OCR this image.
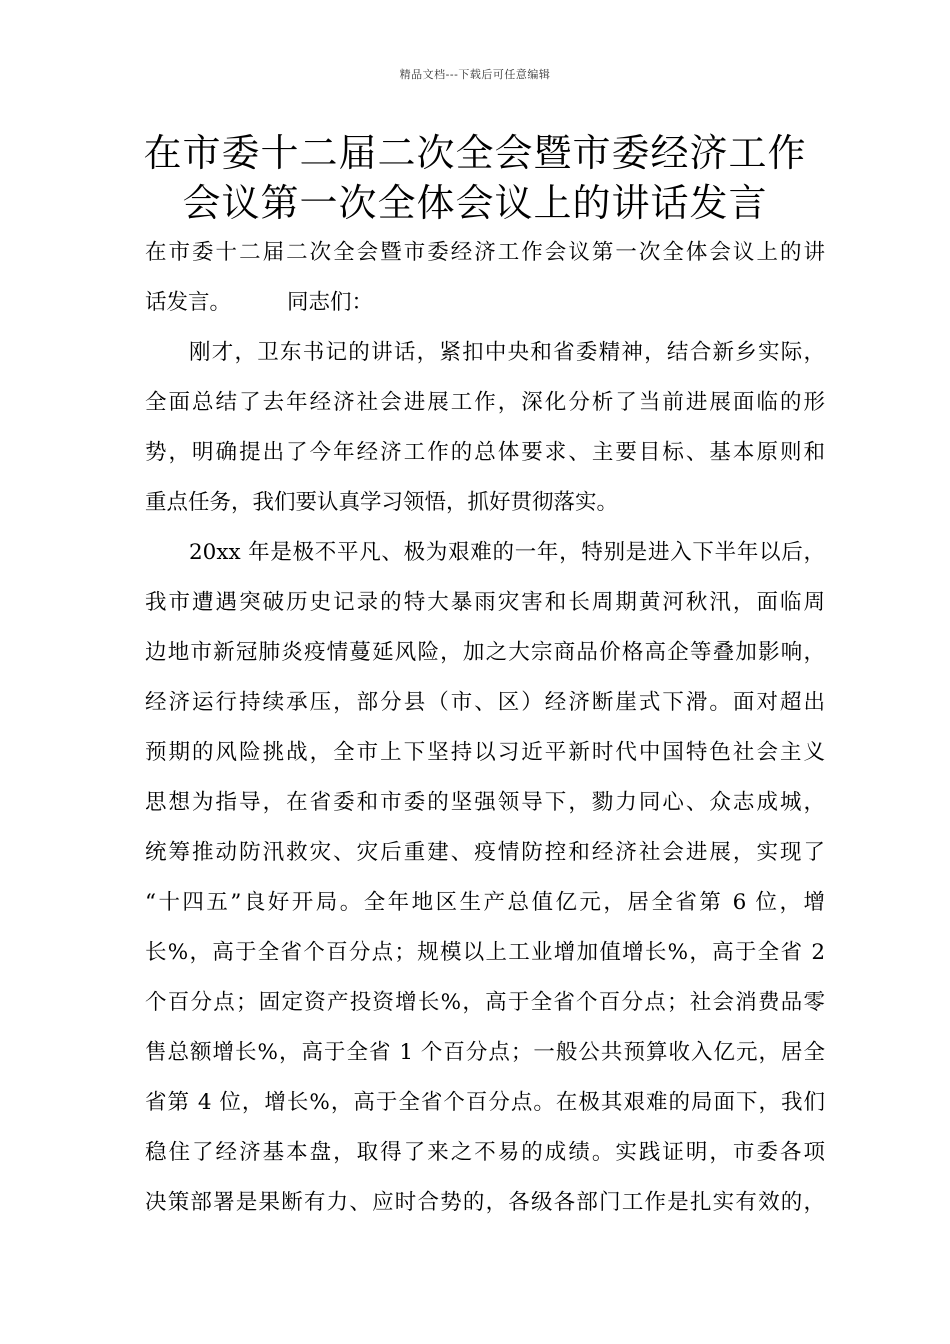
精品文档---下载后可任意编辑
在市委十二届二次全会暨市委经济工作
会议第一次全体会议上的讲话发言
在市委十二届二次全会暨市委经济工作会议第一次全体会议上的讲
话发言。	同志们：
刚才，卫东书记的讲话，紧扣中央和省委精神，结合新乡实际，
全面总结了去年经济社会进展工作，深化分析了当前进展面临的形
势，明确提出了今年经济工作的总体要求、主要目标、基本原则和
重点任务，我们要认真学习领悟，抓好贯彻落实。
20xx 年是极不平凡、极为艰难的一年，特别是进入下半年以后，
我市遭遇突破历史记录的特大暴雨灾害和长周期黄河秋汛，面临周
边地市新冠肺炎疫情蔓延风险，加之大宗商品价格高企等叠加影响，
经济运行持续承压，部分县（市、区）经济断崖式下滑。面对超出
预期的风险挑战，全市上下坚持以习近平新时代中国特色社会主义
思想为指导，在省委和市委的坚强领导下，勠力同心、众志成城，
统筹推动防汛救灾、灾后重建、疫情防控和经济社会进展，实现了
“十四五”良好开局。全年地区生产总值亿元，居全省第 6 位，增
长%，高于全省个百分点；规模以上工业增加值增长%，高于全省 2
个百分点；固定资产投资增长%，高于全省个百分点；社会消费品零
售总额增长%，高于全省 1 个百分点；一般公共预算收入亿元，居全
省第 4 位，增长%，高于全省个百分点。在极其艰难的局面下，我们
稳住了经济基本盘，取得了来之不易的成绩。实践证明，市委各项
决策部署是果断有力、应时合势的，各级各部门工作是扎实有效的，
